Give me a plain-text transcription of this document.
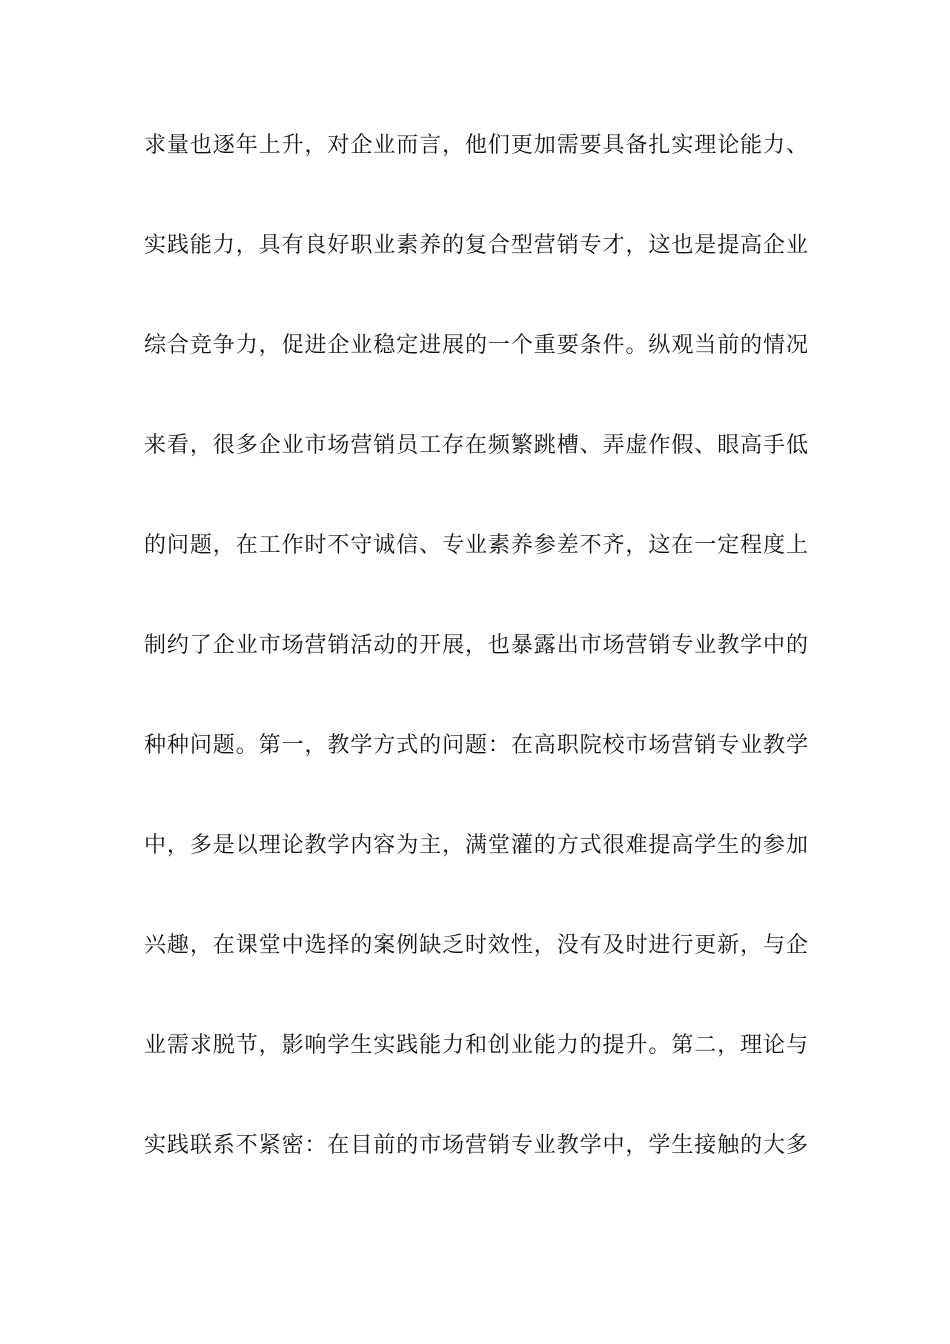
求量也逐年上升，对企业而言，他们更加需要具备扎实理论能力、
实践能力，具有良好职业素养的复合型营销专才，这也是提高企业
综合竞争力，促进企业稳定进展的一个重要条件。纵观当前的情况
来看，很多企业市场营销员工存在频繁跳槽、弄虚作假、眼高手低
的问题，在工作时不守诚信、专业素养参差不齐，这在一定程度上
制约了企业市场营销活动的开展，也暴露出市场营销专业教学中的
种种问题。第一，教学方式的问题：在高职院校市场营销专业教学
中，多是以理论教学内容为主，满堂灌的方式很难提高学生的参加
兴趣，在课堂中选择的案例缺乏时效性，没有及时进行更新，与企
业需求脱节，影响学生实践能力和创业能力的提升。第二，理论与
实践联系不紧密：在目前的市场营销专业教学中，学生接触的大多
